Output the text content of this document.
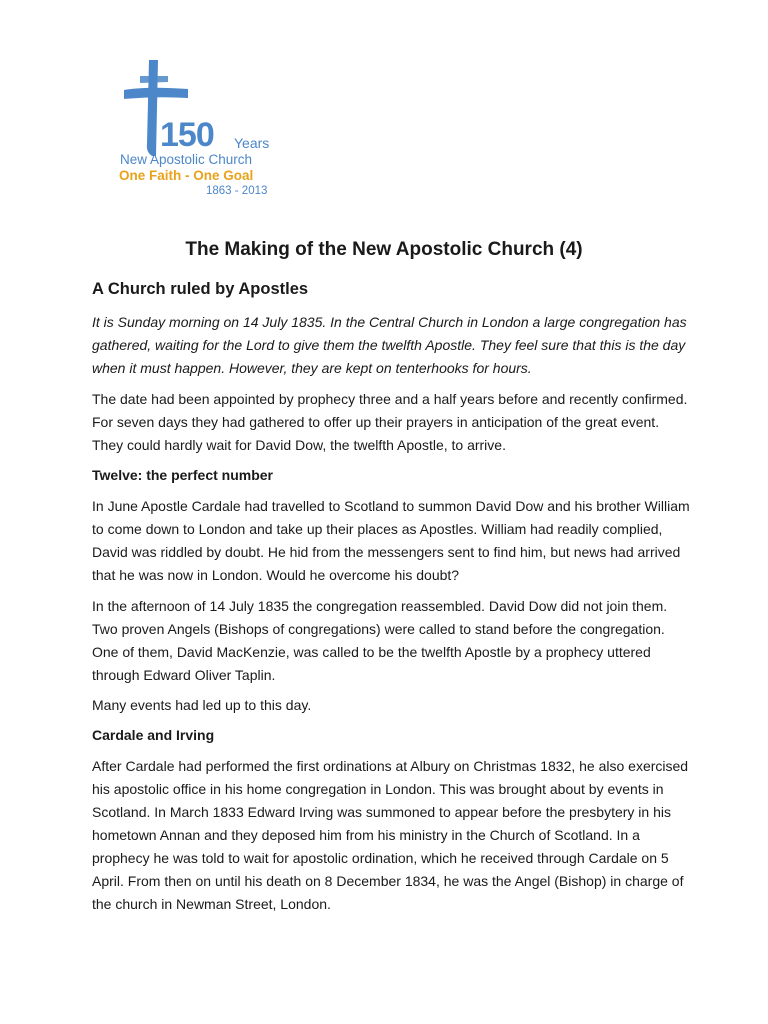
150 Years
New Apostolic Church
One Faith - One Goal
1863 - 2013
The Making of the New Apostolic Church (4)
A Church ruled by Apostles

It is Sunday morning on 14 July 1835. In the Central Church in London a large congregation has gathered, waiting for the Lord to give them the twelfth Apostle. They feel sure that this is the day when it must happen. However, they are kept on tenterhooks for hours.

The date had been appointed by prophecy three and a half years before and recently confirmed. For seven days they had gathered to offer up their prayers in anticipation of the great event. They could hardly wait for David Dow, the twelfth Apostle, to arrive.

Twelve: the perfect number

In June Apostle Cardale had travelled to Scotland to summon David Dow and his brother William to come down to London and take up their places as Apostles. William had readily complied, David was riddled by doubt. He hid from the messengers sent to find him, but news had arrived that he was now in London. Would he overcome his doubt?

In the afternoon of 14 July 1835 the congregation reassembled. David Dow did not join them. Two proven Angels (Bishops of congregations) were called to stand before the congregation. One of them, David MacKenzie, was called to be the twelfth Apostle by a prophecy uttered through Edward Oliver Taplin.

Many events had led up to this day.

Cardale and Irving

After Cardale had performed the first ordinations at Albury on Christmas 1832, he also exercised his apostolic office in his home congregation in London. This was brought about by events in Scotland. In March 1833 Edward Irving was summoned to appear before the presbytery in his hometown Annan and they deposed him from his ministry in the Church of Scotland. In a prophecy he was told to wait for apostolic ordination, which he received through Cardale on 5 April. From then on until his death on 8 December 1834, he was the Angel (Bishop) in charge of the church in Newman Street, London.
